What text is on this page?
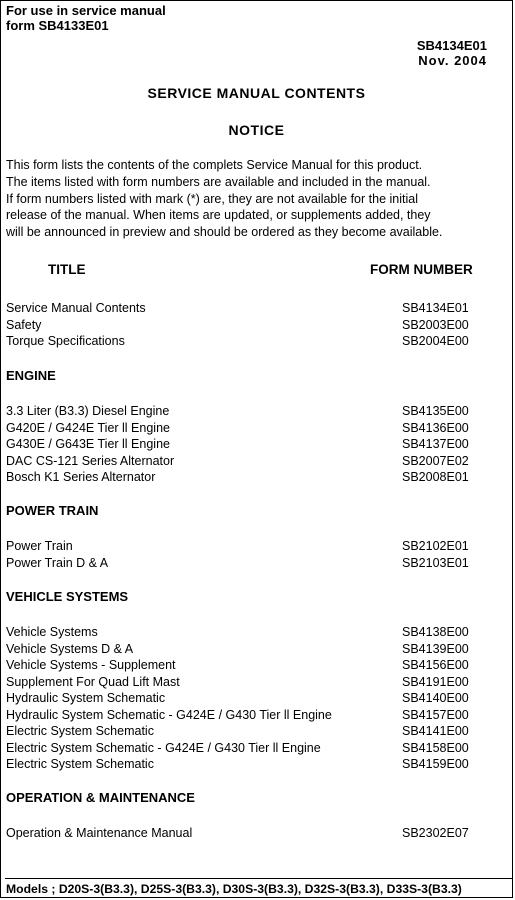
For use in service manual
form SB4133E01
SB4134E01
Nov. 2004
SERVICE MANUAL CONTENTS
NOTICE
This form lists the contents of the complets Service Manual for this product.
The items listed with form numbers are available and included in the manual.
If form numbers listed with mark (*) are, they are not available for the initial
release of the manual. When items are updated, or supplements added, they
will be announced in preview and should be ordered as they become available.
TITLE	FORM NUMBER
Service Manual Contents	SB4134E01
Safety	SB2003E00
Torque Specifications	SB2004E00
ENGINE
3.3 Liter (B3.3) Diesel Engine	SB4135E00
G420E / G424E Tier ll Engine	SB4136E00
G430E / G643E Tier ll Engine	SB4137E00
DAC CS-121 Series Alternator	SB2007E02
Bosch K1 Series Alternator	SB2008E01
POWER TRAIN
Power Train	SB2102E01
Power Train D & A	SB2103E01
VEHICLE SYSTEMS
Vehicle Systems	SB4138E00
Vehicle Systems D & A	SB4139E00
Vehicle Systems - Supplement	SB4156E00
Supplement For Quad Lift Mast	SB4191E00
Hydraulic System Schematic	SB4140E00
Hydraulic System Schematic - G424E / G430 Tier ll Engine	SB4157E00
Electric System Schematic	SB4141E00
Electric System Schematic - G424E / G430 Tier ll Engine	SB4158E00
Electric System Schematic	SB4159E00
OPERATION & MAINTENANCE
Operation & Maintenance Manual	SB2302E07
Models ; D20S-3(B3.3), D25S-3(B3.3), D30S-3(B3.3), D32S-3(B3.3), D33S-3(B3.3)
